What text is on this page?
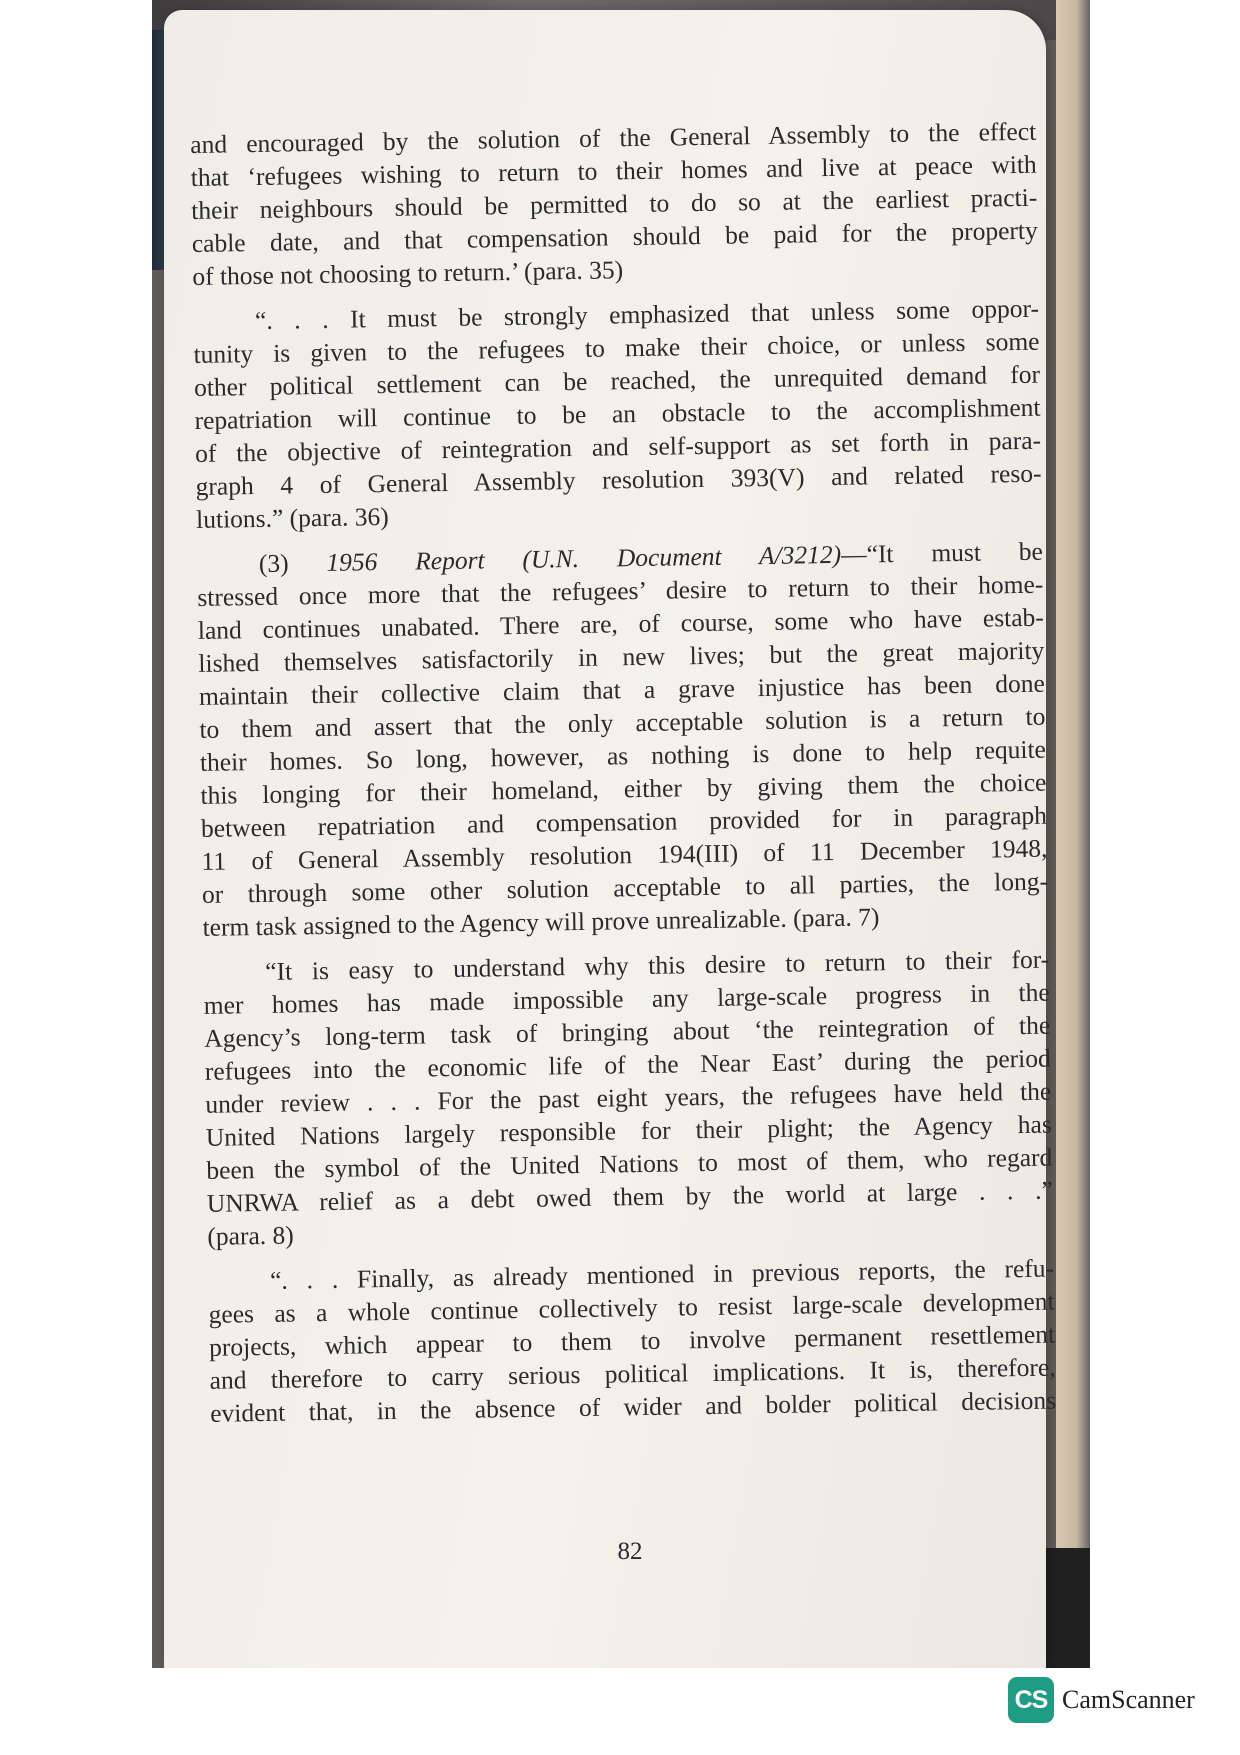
and encouraged by the solution of the General Assembly to the effect
that ‘refugees wishing to return to their homes and live at peace with
their neighbours should be permitted to do so at the earliest practi-
cable date, and that compensation should be paid for the property
of those not choosing to return.’ (para. 35)
“. . . It must be strongly emphasized that unless some oppor-
tunity is given to the refugees to make their choice, or unless some
other political settlement can be reached, the unrequited demand for
repatriation will continue to be an obstacle to the accomplishment
of the objective of reintegration and self-support as set forth in para-
graph 4 of General Assembly resolution 393(V) and related reso-
lutions.” (para. 36)
(3) 1956 Report (U.N. Document A/3212)—“It must be
stressed once more that the refugees’ desire to return to their home-
land continues unabated. There are, of course, some who have estab-
lished themselves satisfactorily in new lives; but the great majority
maintain their collective claim that a grave injustice has been done
to them and assert that the only acceptable solution is a return to
their homes. So long, however, as nothing is done to help requite
this longing for their homeland, either by giving them the choice
between repatriation and compensation provided for in paragraph
11 of General Assembly resolution 194(III) of 11 December 1948,
or through some other solution acceptable to all parties, the long-
term task assigned to the Agency will prove unrealizable. (para. 7)
“It is easy to understand why this desire to return to their for-
mer homes has made impossible any large-scale progress in the
Agency’s long-term task of bringing about ‘the reintegration of the
refugees into the economic life of the Near East’ during the period
under review . . . For the past eight years, the refugees have held the
United Nations largely responsible for their plight; the Agency has
been the symbol of the United Nations to most of them, who regard
UNRWA relief as a debt owed them by the world at large . . .”
(para. 8)
“. . . Finally, as already mentioned in previous reports, the refu-
gees as a whole continue collectively to resist large-scale development
projects, which appear to them to involve permanent resettlement
and therefore to carry serious political implications. It is, therefore,
evident that, in the absence of wider and bolder political decisions
82
CS CamScanner
